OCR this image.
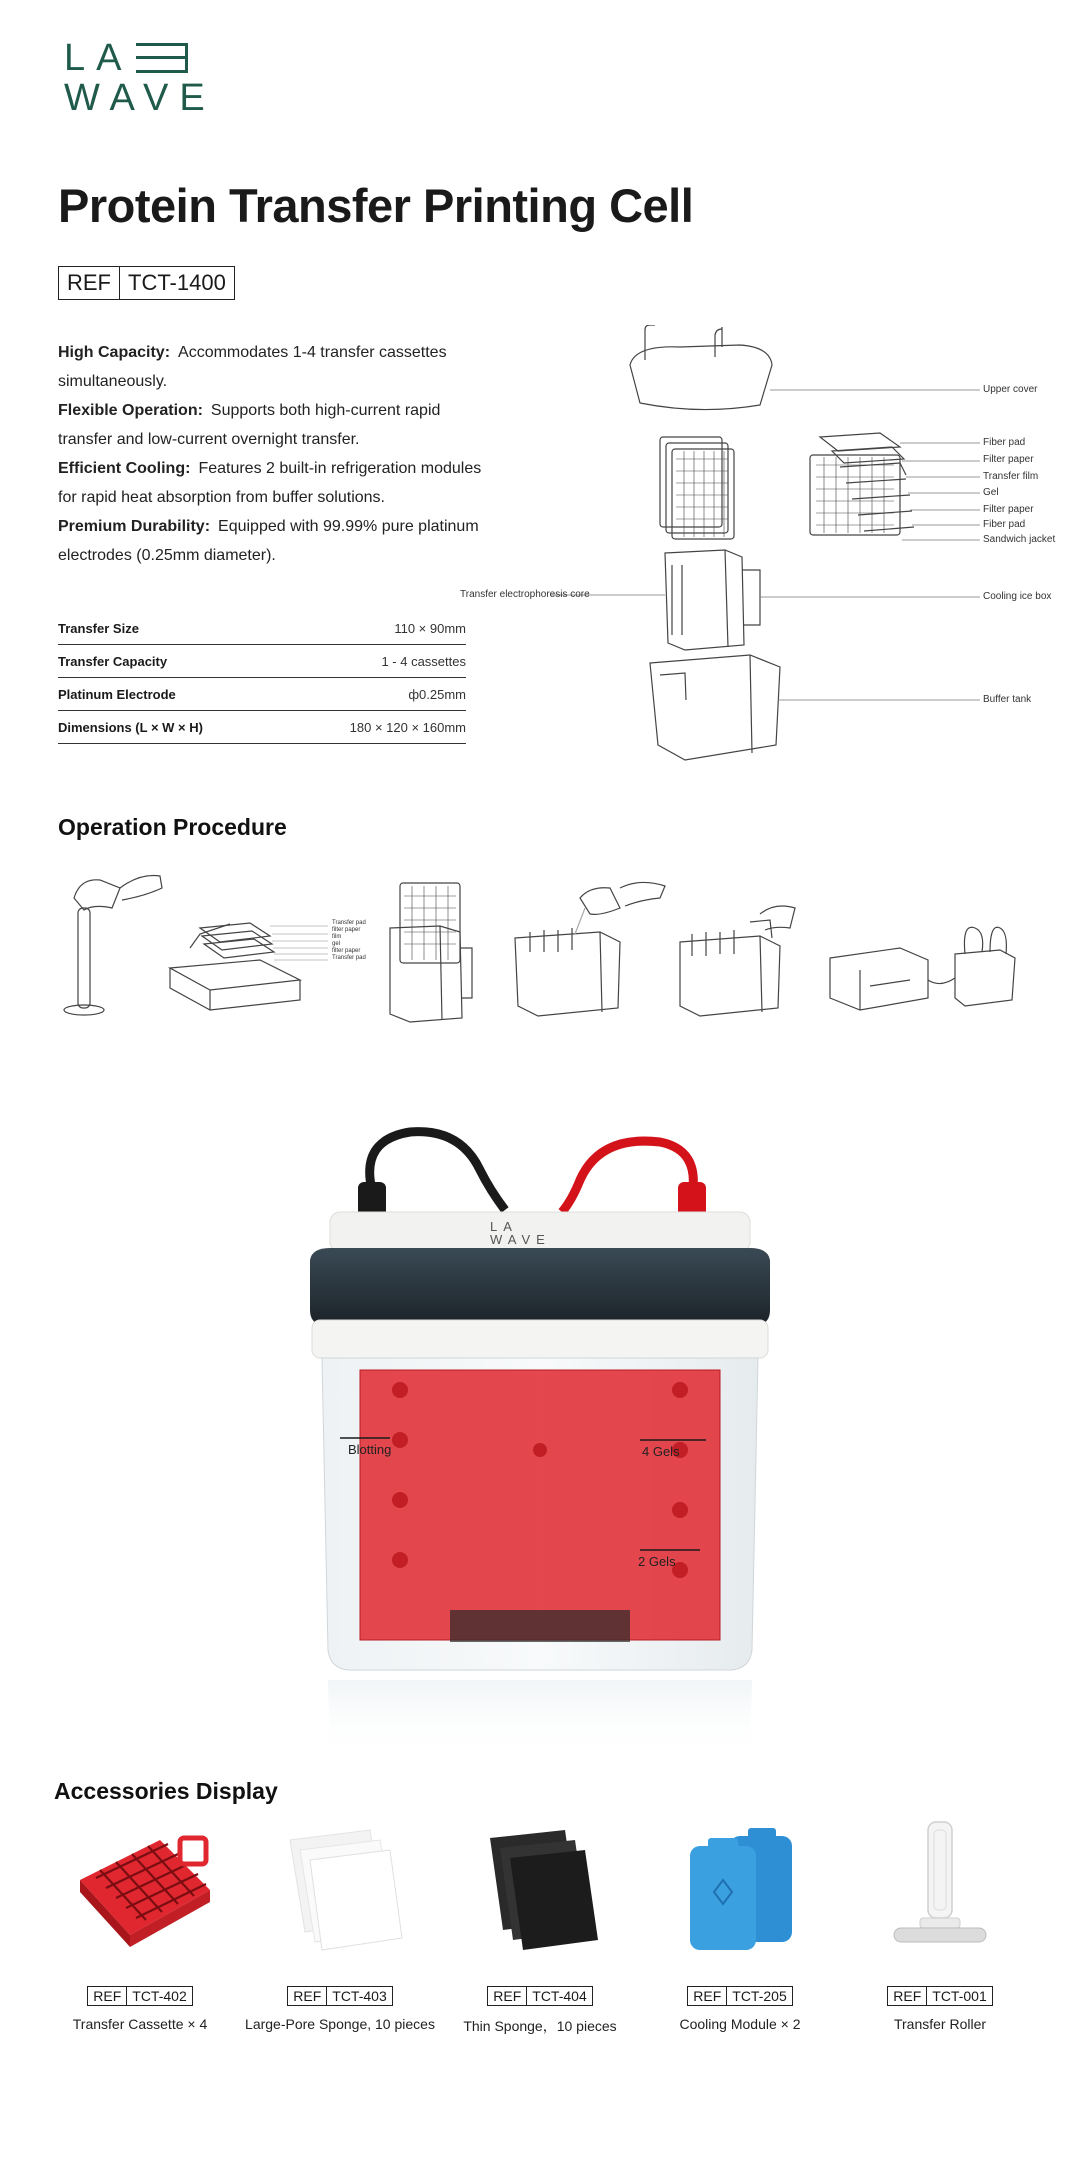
LA
WAVE
Protein Transfer Printing Cell
REF TCT-1400

High Capacity: Accommodates 1-4 transfer cassettes simultaneously.

Flexible Operation: Supports both high-current rapid transfer and low-current overnight transfer.

Efficient Cooling: Features 2 built-in refrigeration modules for rapid heat absorption from buffer solutions.

Premium Durability: Equipped with 99.99% pure platinum electrodes (0.25mm diameter).

Transfer Size	110 × 90mm
Transfer Capacity	1 - 4 cassettes
Platinum Electrode	ф0.25mm
Dimensions (L × W × H)	180 × 120 × 160mm
Upper cover
Fiber pad
Filter paper
Transfer film
Gel
Filter paper
Fiber pad
Sandwich jacket
Transfer electrophoresis core	Cooling ice box
Buffer tank
Operation Procedure
Transfer pad
filter paper
film
gel
filter paper
Transfer pad
LA
WAVE
Blotting	4 Gels
2 Gels
Accessories Display
REF TCT-402
Transfer Cassette × 4
REF TCT-403
Large-Pore Sponge, 10 pieces
REF TCT-404
Thin Sponge，10 pieces
REF TCT-205
Cooling Module × 2
REF TCT-001
Transfer Roller
